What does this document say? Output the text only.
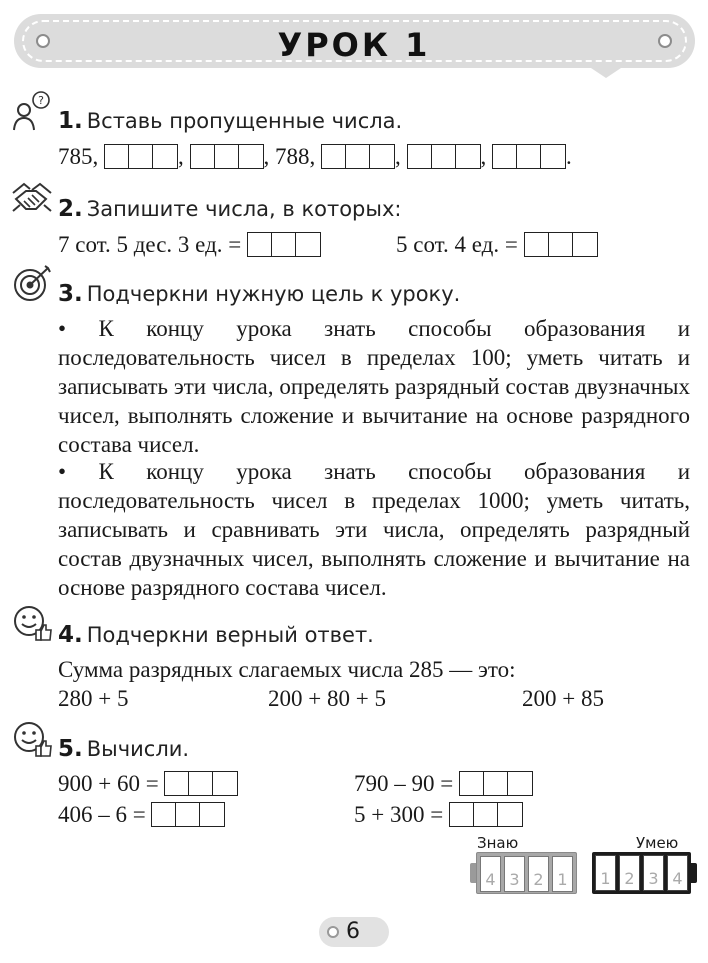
УРОК 1
?
1. Вставь пропущенные числа.
785,	,	, 788,	,	,	.
2. Запишите числа, в которых:
7 сот. 5 дес. 3 ед. =	5 сот. 4 ед. =
3. Подчеркни нужную цель к уроку.

• К концу урока знать способы образования и последовательность чисел в пределах 100; уметь читать и записывать эти числа, определять разрядный состав двузначных чисел, выполнять сложение и вычитание на основе разрядного состава чисел.

• К концу урока знать способы образования и последовательность чисел в пределах 1000; уметь читать, записывать и сравнивать эти числа, определять разрядный состав двузначных чисел, выполнять сложение и вычитание на основе разрядного состава чисел.

4. Подчеркни верный ответ.
Сумма разрядных слагаемых числа 285 — это:
280 + 5	200 + 80 + 5	200 + 85
5. Вычисли.
900 + 60 =	790 – 90 =
406 – 6 =	5 + 300 =
Знаю
4 3 2 1
Умею
1 2 3 4
6
